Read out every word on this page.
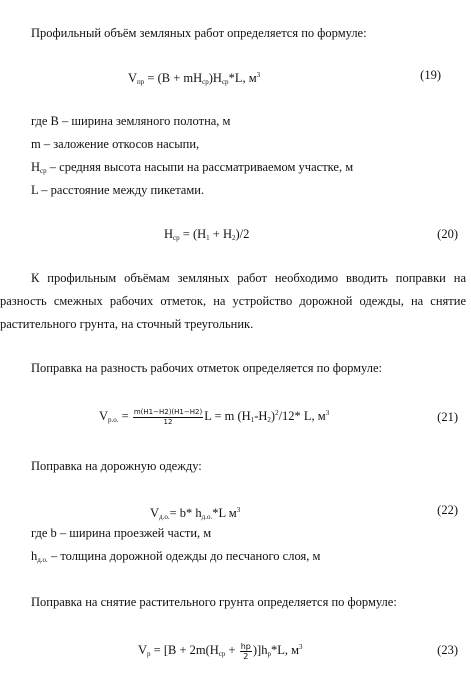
Профильный объём земляных работ определяется по формуле:
$V_{пр} = (B + mH_{ср})H_{ср}*L$, $м^3$	(19)
где B – ширина земляного полотна, м
m – заложение откосов насыпи,
$H_{ср}$ – средняя высота насыпи на рассматриваемом участке, м
L – расстояние между пикетами.
$H_{ср} = (H_1 + H_2)/2$	(20)
К профильным объёмам земляных работ необходимо вводить поправки на
разность смежных рабочих отметок, на устройство дорожной одежды, на снятие
растительного грунта, на сточный треугольник.
Поправка на разность рабочих отметок определяется по формуле:
$V_{р.о.} = \frac{m(H1-H2)(H1-H2)}{12}$ L = m $(H_1-H_2)^2/12*$ L, $м^3$	(21)
Поправка на дорожную одежду:
$V_{д.о.}= b*$ $h_{д.о.}*L$ $м^3$	(22)
где b – ширина проезжей части, м
$h_{д.о.}$ – толщина дорожной одежды до песчаного слоя, м
Поправка на снятие растительного грунта определяется по формуле:
$V_р = [B + 2m(H_{ср} + \frac{hp}{2} )]h_р*L$, $м^3$	(23)
